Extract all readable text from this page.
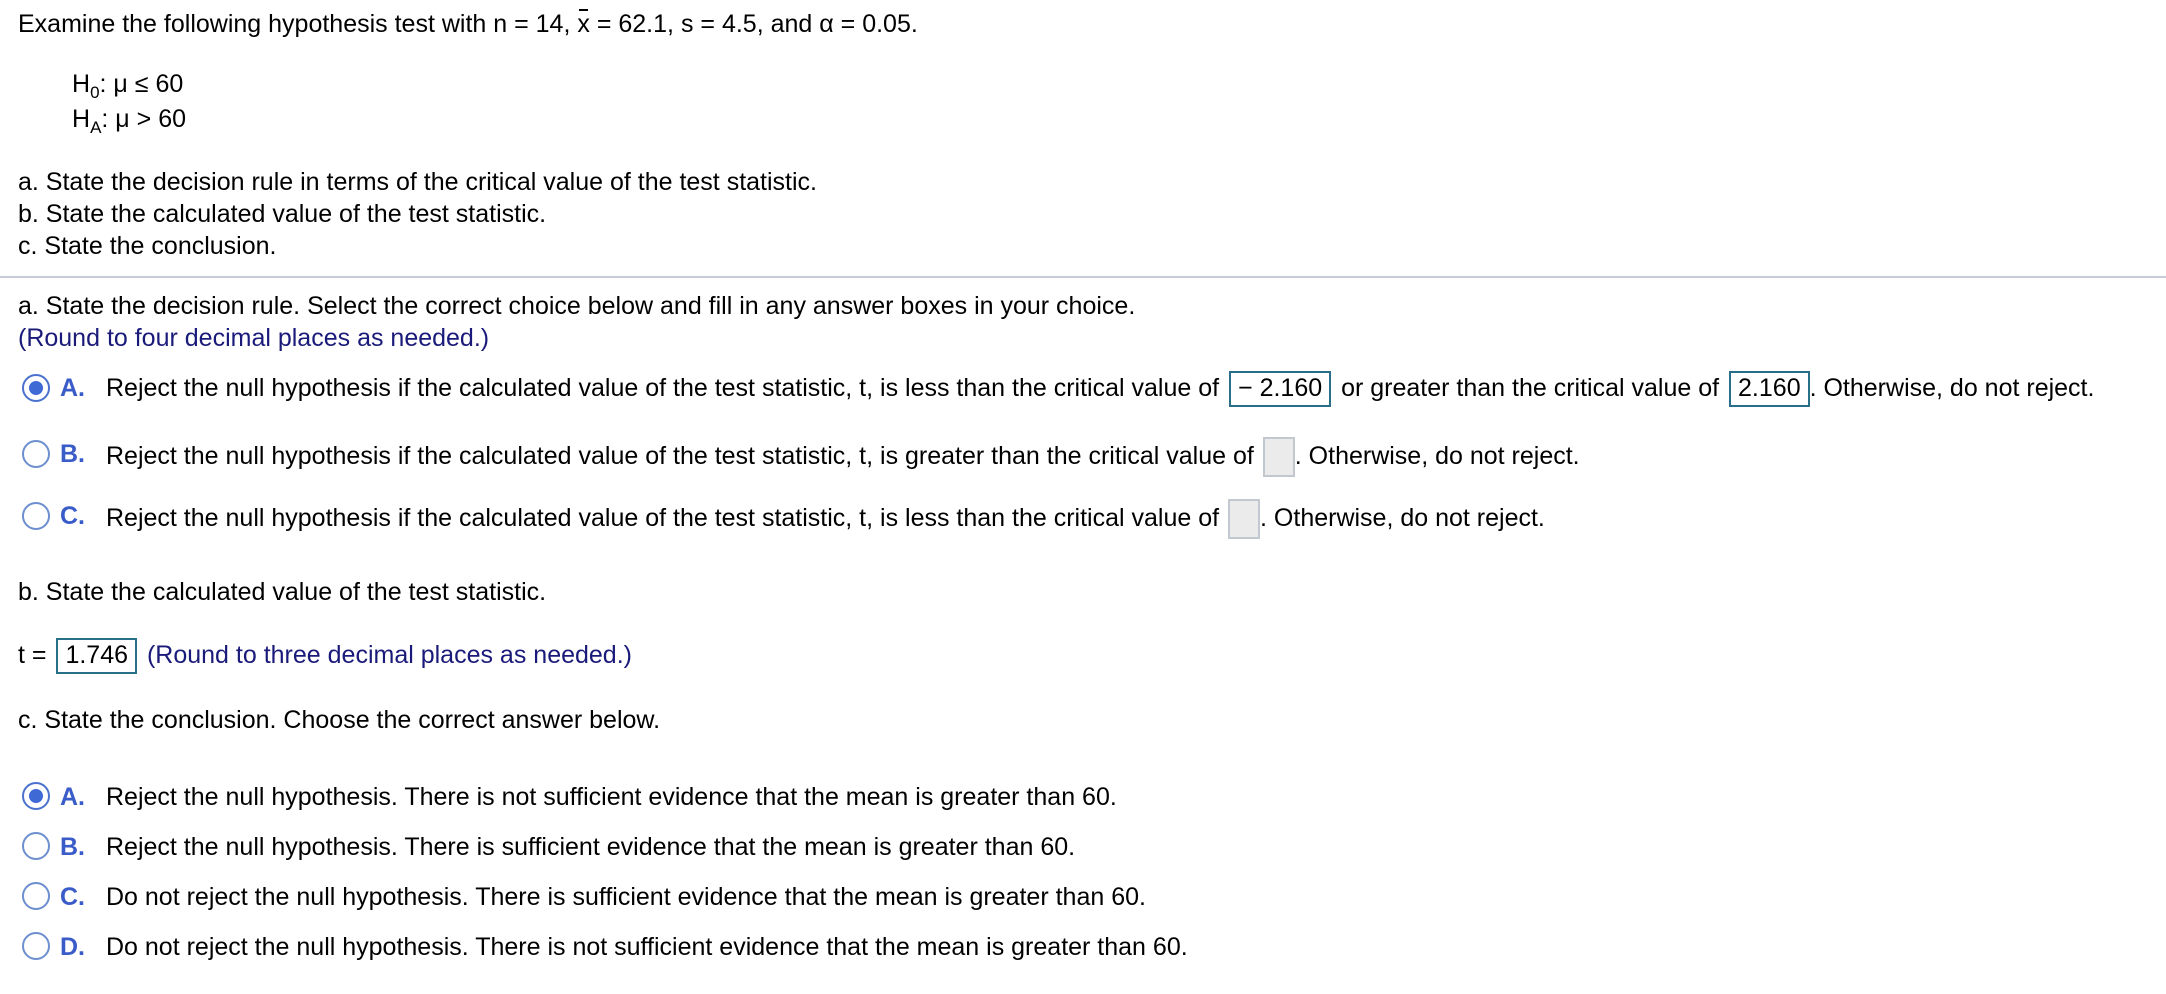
Examine the following hypothesis test with n = 14, x = 62.1, s = 4.5, and α = 0.05.
$H_0$: μ ≤ 60
$H_A$: μ > 60
a. State the decision rule in terms of the critical value of the test statistic.
b. State the calculated value of the test statistic.
c. State the conclusion.
a. State the decision rule. Select the correct choice below and fill in any answer boxes in your choice.
(Round to four decimal places as needed.)
A. Reject the null hypothesis if the calculated value of the test statistic, t, is less than the critical value of − 2.160 or greater than the critical value of 2.160 . Otherwise, do not reject.
B. Reject the null hypothesis if the calculated value of the test statistic, t, is greater than the critical value of . Otherwise, do not reject.
C. Reject the null hypothesis if the calculated value of the test statistic, t, is less than the critical value of . Otherwise, do not reject.
b. State the calculated value of the test statistic.
t = 1.746 (Round to three decimal places as needed.)
c. State the conclusion. Choose the correct answer below.
A. Reject the null hypothesis. There is not sufficient evidence that the mean is greater than 60.
B. Reject the null hypothesis. There is sufficient evidence that the mean is greater than 60.
C. Do not reject the null hypothesis. There is sufficient evidence that the mean is greater than 60.
D. Do not reject the null hypothesis. There is not sufficient evidence that the mean is greater than 60.
